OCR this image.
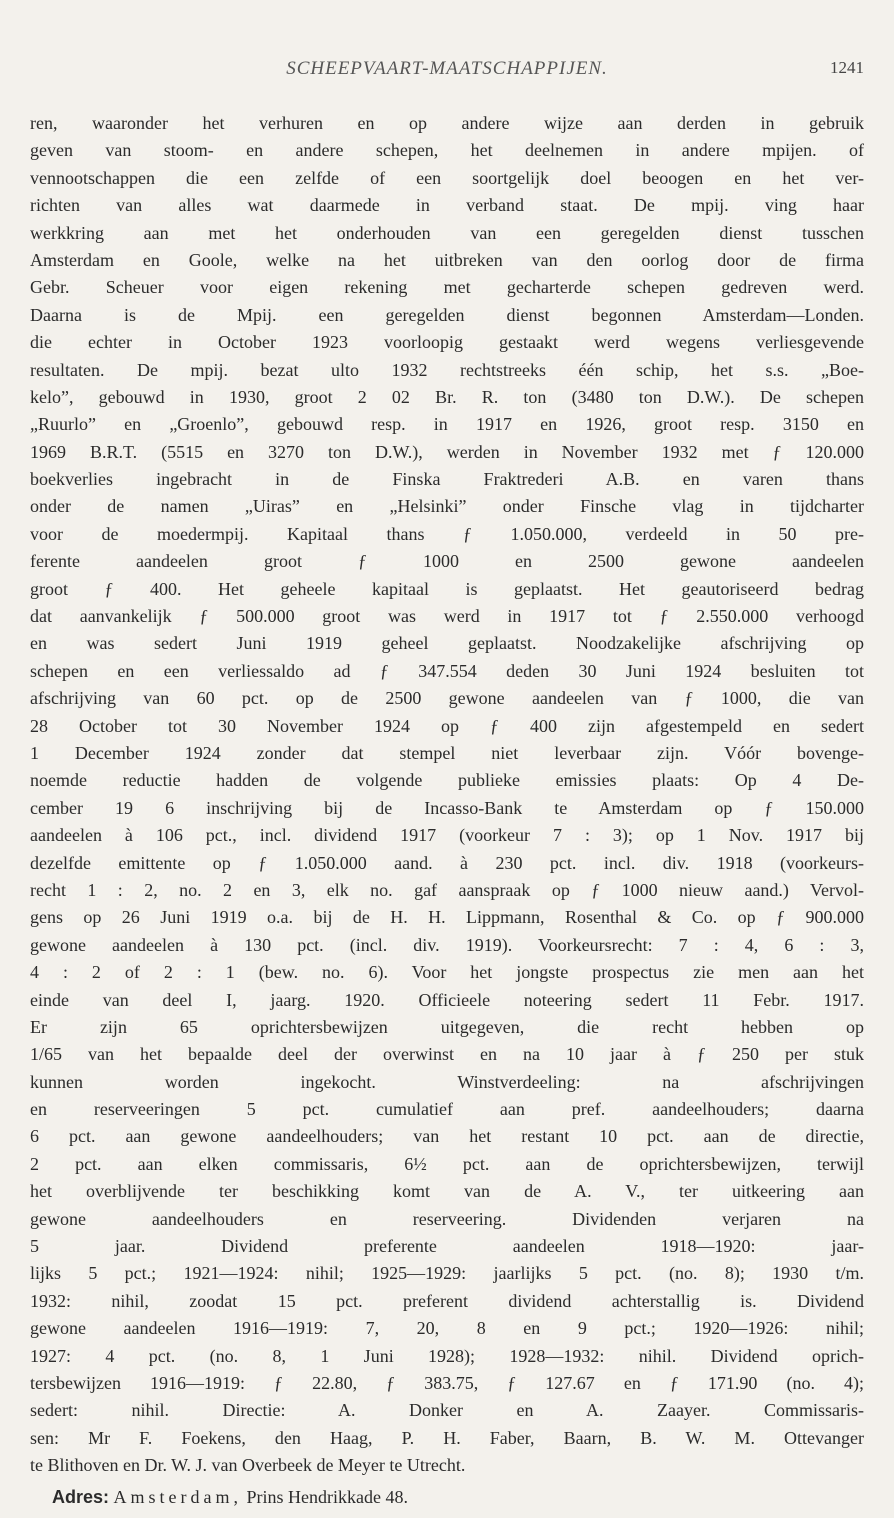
SCHEEPVAART-MAATSCHAPPIJEN.	1241
ren, waaronder het verhuren en op andere wijze aan derden in gebruik
geven van stoom- en andere schepen, het deelnemen in andere mpijen. of
vennootschappen die een zelfde of een soortgelijk doel beoogen en het ver-
richten van alles wat daarmede in verband staat. De mpij. ving haar
werkkring aan met het onderhouden van een geregelden dienst tusschen
Amsterdam en Goole, welke na het uitbreken van den oorlog door de firma
Gebr. Scheuer voor eigen rekening met gecharterde schepen gedreven werd.
Daarna is de Mpij. een geregelden dienst begonnen Amsterdam—Londen.
die echter in October 1923 voorloopig gestaakt werd wegens verliesgevende
resultaten. De mpij. bezat ulto 1932 rechtstreeks één schip, het s.s. „Boe-
kelo”, gebouwd in 1930, groot 2 02 Br. R. ton (3480 ton D.W.). De schepen
„Ruurlo” en „Groenlo”, gebouwd resp. in 1917 en 1926, groot resp. 3150 en
1969 B.R.T. (5515 en 3270 ton D.W.), werden in November 1932 met ƒ 120.000
boekverlies ingebracht in de Finska Fraktrederi A.B. en varen thans
onder de namen „Uiras” en „Helsinki” onder Finsche vlag in tijdcharter
voor de moedermpij. Kapitaal thans ƒ 1.050.000, verdeeld in 50 pre-
ferente aandeelen groot ƒ 1000 en 2500 gewone aandeelen
groot ƒ 400. Het geheele kapitaal is geplaatst. Het geautoriseerd bedrag
dat aanvankelijk ƒ 500.000 groot was werd in 1917 tot ƒ 2.550.000 verhoogd
en was sedert Juni 1919 geheel geplaatst. Noodzakelijke afschrijving op
schepen en een verliessaldo ad ƒ 347.554 deden 30 Juni 1924 besluiten tot
afschrijving van 60 pct. op de 2500 gewone aandeelen van ƒ 1000, die van
28 October tot 30 November 1924 op ƒ 400 zijn afgestempeld en sedert
1 December 1924 zonder dat stempel niet leverbaar zijn. Vóór bovenge-
noemde reductie hadden de volgende publieke emissies plaats: Op 4 De-
cember 19 6 inschrijving bij de Incasso-Bank te Amsterdam op ƒ 150.000
aandeelen à 106 pct., incl. dividend 1917 (voorkeur 7 : 3); op 1 Nov. 1917 bij
dezelfde emittente op ƒ 1.050.000 aand. à 230 pct. incl. div. 1918 (voorkeurs-
recht 1 : 2, no. 2 en 3, elk no. gaf aanspraak op ƒ 1000 nieuw aand.) Vervol-
gens op 26 Juni 1919 o.a. bij de H. H. Lippmann, Rosenthal & Co. op ƒ 900.000
gewone aandeelen à 130 pct. (incl. div. 1919). Voorkeursrecht: 7 : 4, 6 : 3,
4 : 2 of 2 : 1 (bew. no. 6). Voor het jongste prospectus zie men aan het
einde van deel I, jaarg. 1920. Officieele noteering sedert 11 Febr. 1917.
Er zijn 65 oprichtersbewijzen uitgegeven, die recht hebben op
1/65 van het bepaalde deel der overwinst en na 10 jaar à ƒ 250 per stuk
kunnen worden ingekocht. Winstverdeeling: na afschrijvingen
en reserveeringen 5 pct. cumulatief aan pref. aandeelhouders; daarna
6 pct. aan gewone aandeelhouders; van het restant 10 pct. aan de directie,
2 pct. aan elken commissaris, 6½ pct. aan de oprichtersbewijzen, terwijl
het overblijvende ter beschikking komt van de A. V., ter uitkeering aan
gewone aandeelhouders en reserveering. Dividenden verjaren na
5 jaar. Dividend preferente aandeelen 1918—1920: jaar-
lijks 5 pct.; 1921—1924: nihil; 1925—1929: jaarlijks 5 pct. (no. 8); 1930 t/m.
1932: nihil, zoodat 15 pct. preferent dividend achterstallig is. Dividend
gewone aandeelen 1916—1919: 7, 20, 8 en 9 pct.; 1920—1926: nihil;
1927: 4 pct. (no. 8, 1 Juni 1928); 1928—1932: nihil. Dividend oprich-
tersbewijzen 1916—1919: ƒ 22.80, ƒ 383.75, ƒ 127.67 en ƒ 171.90 (no. 4);
sedert: nihil. Directie: A. Donker en A. Zaayer. Commissaris-
sen: Mr F. Foekens, den Haag, P. H. Faber, Baarn, B. W. M. Ottevanger
te Blithoven en Dr. W. J. van Overbeek de Meyer te Utrecht.
Adres: Amsterdam, Prins Hendrikkade 48.
